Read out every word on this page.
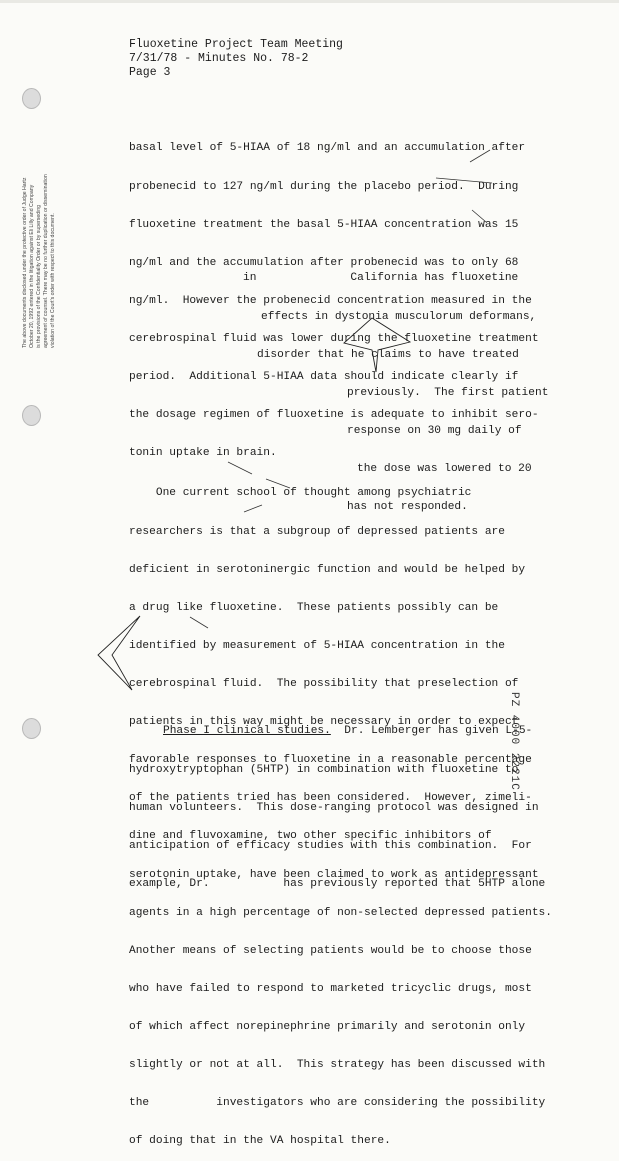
The above documents disclosed under the protective order of Judge Hartz
October 20, 1992 entered in the litigation against Eli Lilly and Company
is the provisions of the Confidentiality Order or by superseding
agreement of counsel. There may be no further duplication or dissemination
violation of the Court's order with respect to this document.
Fluoxetine Project Team Meeting
7/31/78 - Minutes No. 78-2
Page 3

basal level of 5-HIAA of 18 ng/ml and an accumulation after

probenecid to 127 ng/ml during the placebo period.  During

fluoxetine treatment the basal 5-HIAA concentration was 15

ng/ml and the accumulation after probenecid was to only 68

ng/ml.  However the probenecid concentration measured in the

cerebrospinal fluid was lower during the fluoxetine treatment

period.  Additional 5-HIAA data should indicate clearly if

the dosage regimen of fluoxetine is adequate to inhibit sero-

tonin uptake in brain.

in              California has fluoxetine

effects in dystonia musculorum deformans,

disorder that he claims to have treated

previously.  The first patient

response on 30 mg daily of

the dose was lowered to 20

has not responded.

One current school of thought among psychiatric

researchers is that a subgroup of depressed patients are

deficient in serotoninergic function and would be helped by

a drug like fluoxetine.  These patients possibly can be

identified by measurement of 5-HIAA concentration in the

cerebrospinal fluid.  The possibility that preselection of

patients in this way might be necessary in order to expect

favorable responses to fluoxetine in a reasonable percentage

of the patients tried has been considered.  However, zimeli-

dine and fluvoxamine, two other specific inhibitors of

serotonin uptake, have been claimed to work as antidepressant

agents in a high percentage of non-selected depressed patients.

Another means of selecting patients would be to choose those

who have failed to respond to marketed tricyclic drugs, most

of which affect norepinephrine primarily and serotonin only

slightly or not at all.  This strategy has been discussed with

the          investigators who are considering the possibility

of doing that in the VA hospital there.

Phase I clinical studies.  Dr. Lemberger has given L-5-

hydroxytryptophan (5HTP) in combination with fluoxetine to

human volunteers.  This dose-ranging protocol was designed in

anticipation of efficacy studies with this combination.  For

example, Dr.           has previously reported that 5HTP alone

PZ 4000 2221C
